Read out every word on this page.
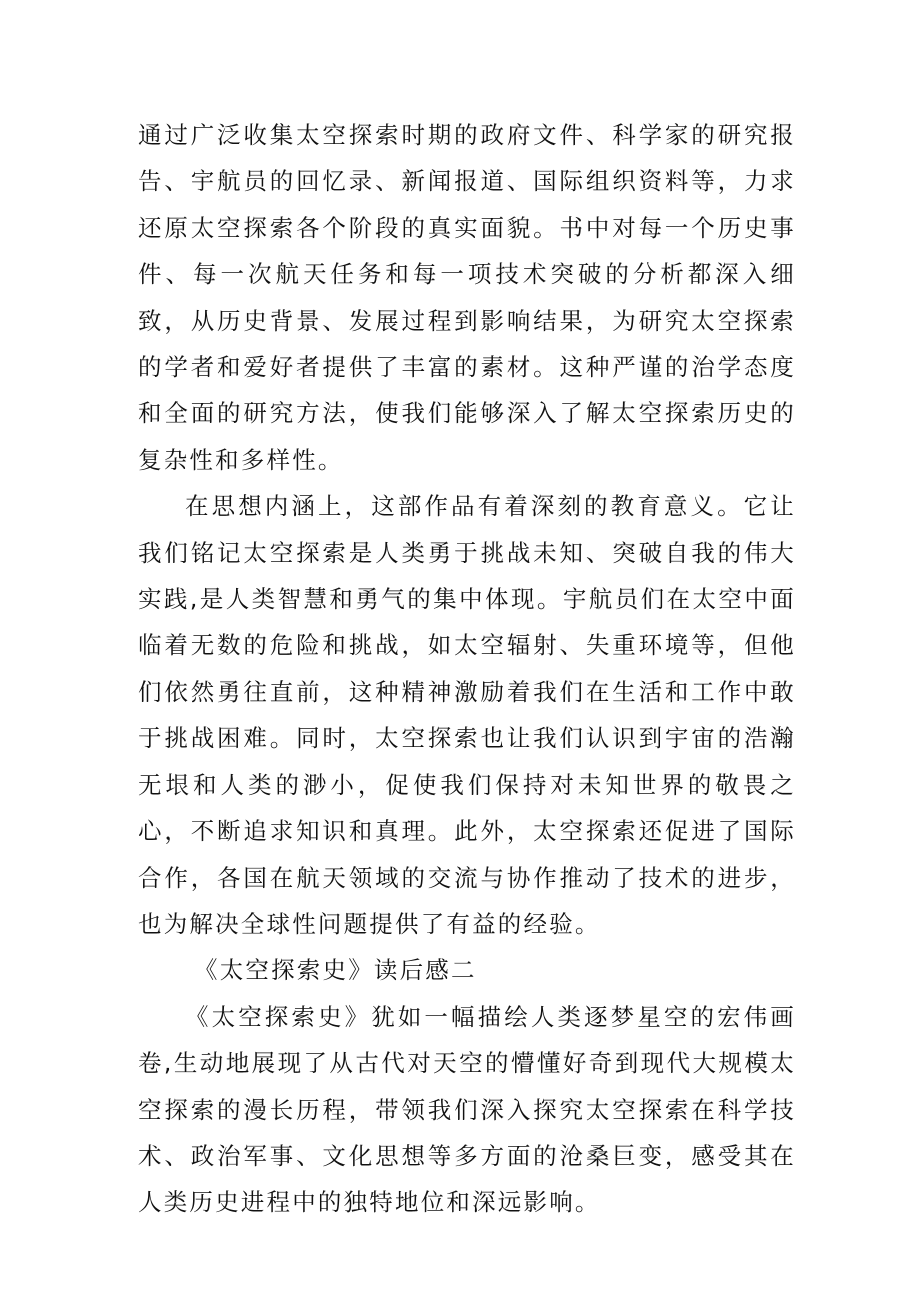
通过广泛收集太空探索时期的政府文件、科学家的研究报告、宇航员的回忆录、新闻报道、国际组织资料等，力求还原太空探索各个阶段的真实面貌。书中对每一个历史事件、每一次航天任务和每一项技术突破的分析都深入细致，从历史背景、发展过程到影响结果，为研究太空探索的学者和爱好者提供了丰富的素材。这种严谨的治学态度和全面的研究方法，使我们能够深入了解太空探索历史的复杂性和多样性。

在思想内涵上，这部作品有着深刻的教育意义。它让我们铭记太空探索是人类勇于挑战未知、突破自我的伟大实践,是人类智慧和勇气的集中体现。宇航员们在太空中面临着无数的危险和挑战，如太空辐射、失重环境等，但他们依然勇往直前，这种精神激励着我们在生活和工作中敢于挑战困难。同时，太空探索也让我们认识到宇宙的浩瀚无垠和人类的渺小，促使我们保持对未知世界的敬畏之心，不断追求知识和真理。此外，太空探索还促进了国际合作，各国在航天领域的交流与协作推动了技术的进步，也为解决全球性问题提供了有益的经验。

《太空探索史》读后感二

《太空探索史》犹如一幅描绘人类逐梦星空的宏伟画卷,生动地展现了从古代对天空的懵懂好奇到现代大规模太空探索的漫长历程，带领我们深入探究太空探索在科学技术、政治军事、文化思想等多方面的沧桑巨变，感受其在人类历史进程中的独特地位和深远影响。
